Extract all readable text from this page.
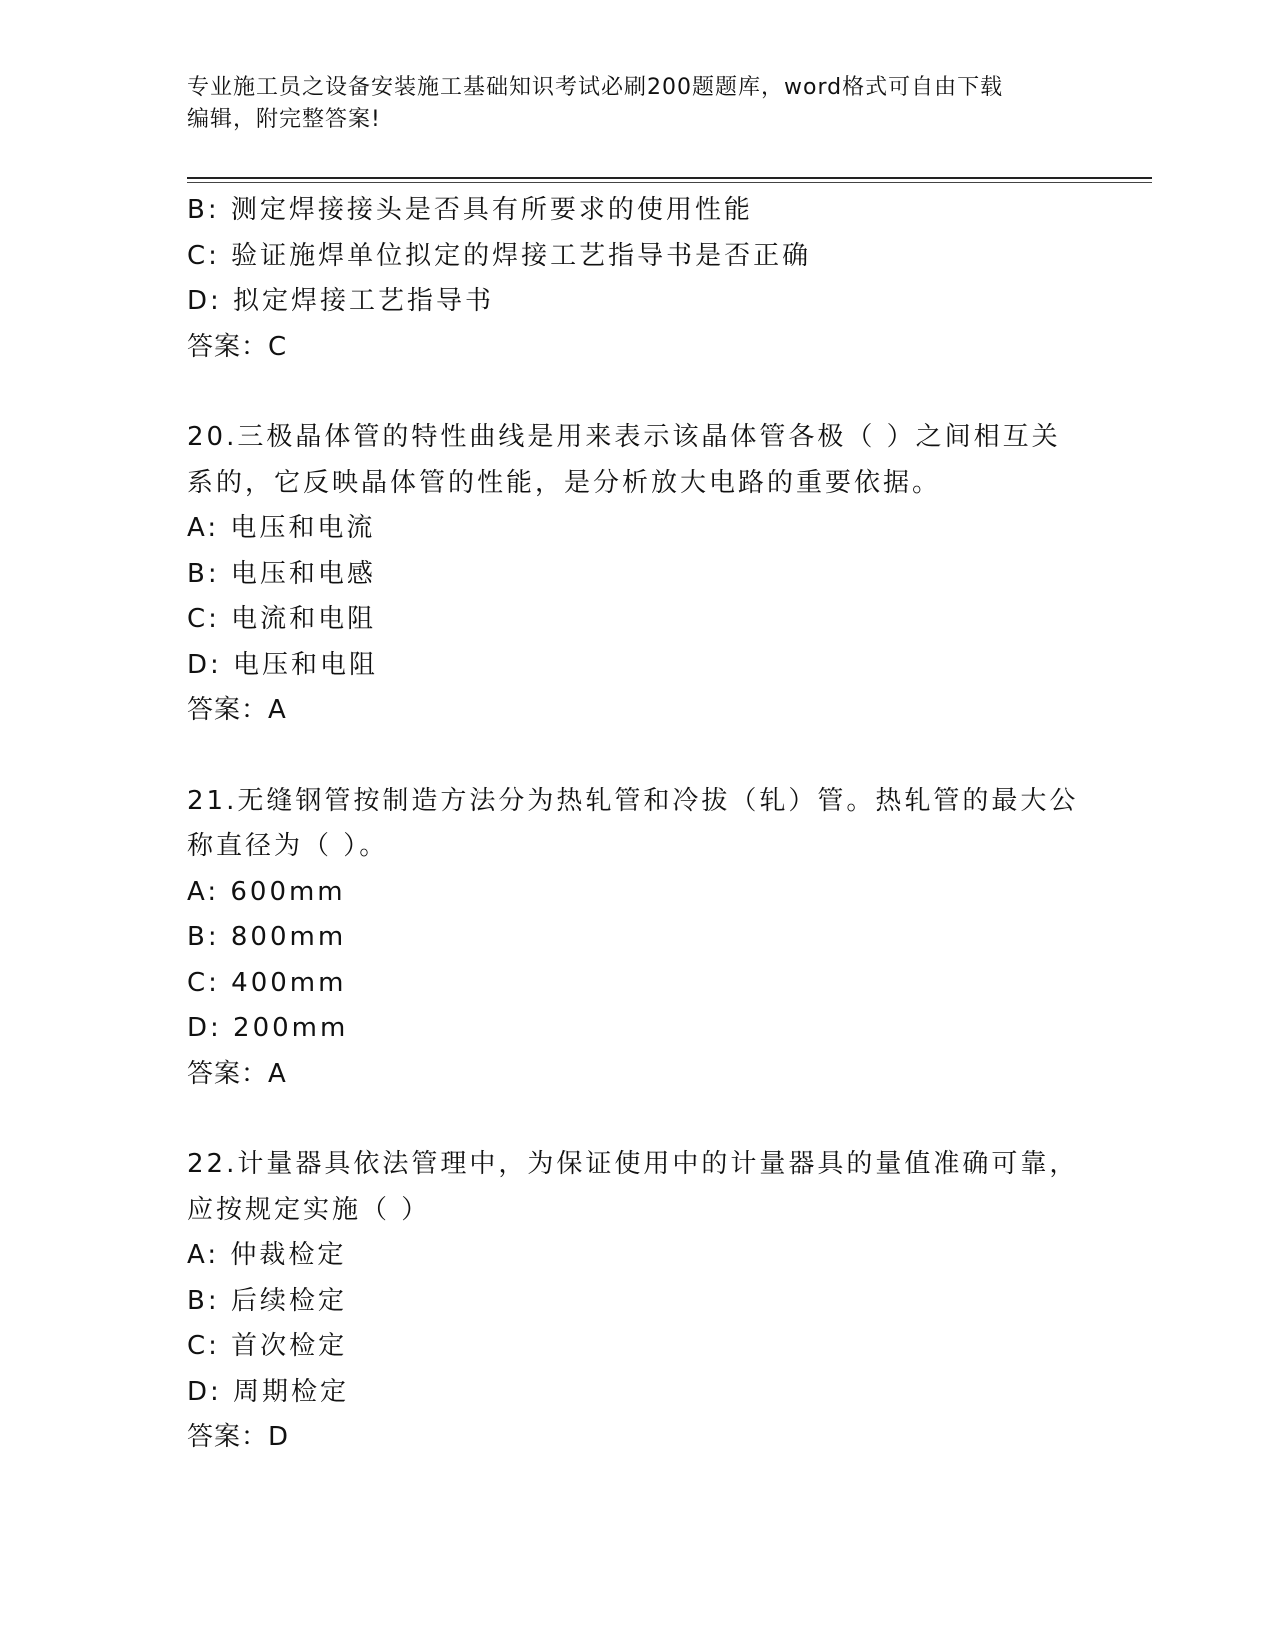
专业施工员之设备安装施工基础知识考试必刷200题题库，word格式可自由下载
编辑，附完整答案!
B: 测定焊接接头是否具有所要求的使用性能
C: 验证施焊单位拟定的焊接工艺指导书是否正确
D: 拟定焊接工艺指导书
答案：C
20.三极晶体管的特性曲线是用来表示该晶体管各极（ ）之间相互关
系的，它反映晶体管的性能，是分析放大电路的重要依据。
A: 电压和电流
B: 电压和电感
C: 电流和电阻
D: 电压和电阻
答案：A
21.无缝钢管按制造方法分为热轧管和冷拔（轧）管。热轧管的最大公
称直径为（ ）。
A: 600mm
B: 800mm
C: 400mm
D: 200mm
答案：A
22.计量器具依法管理中，为保证使用中的计量器具的量值准确可靠，
应按规定实施（ ）
A: 仲裁检定
B: 后续检定
C: 首次检定
D: 周期检定
答案：D
